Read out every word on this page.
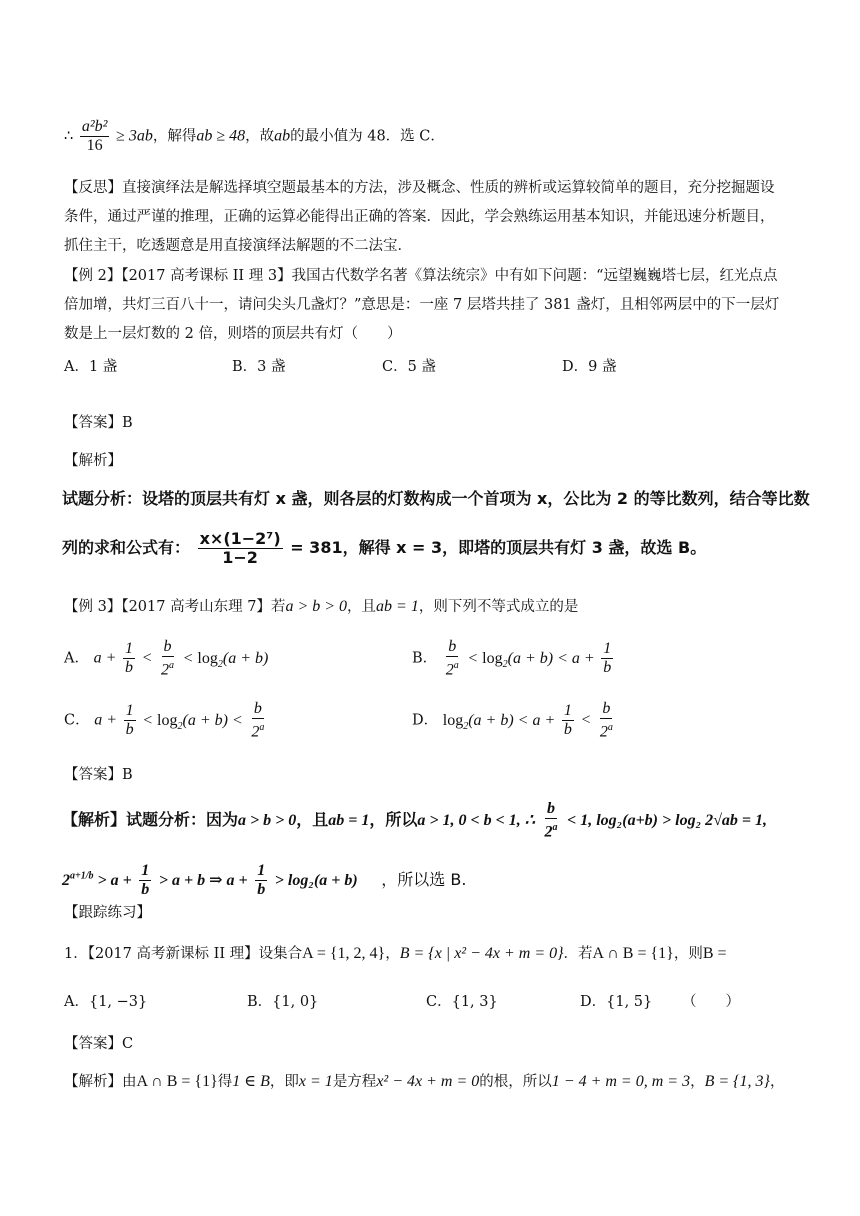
∴ $\frac{\text{a²b²}}{16} \ge 3ab$，解得ab ≥ 48，故ab的最小值为 48．选 C．
【反思】直接演绎法是解选择填空题最基本的方法，涉及概念、性质的辨析或运算较简单的题目，充分挖掘题设
条件，通过严谨的推理，正确的运算必能得出正确的答案．因此，学会熟练运用基本知识，并能迅速分析题目，
抓住主干，吃透题意是用直接演绎法解题的不二法宝．
【例 2】【2017 高考课标 II 理 3】我国古代数学名著《算法统宗》中有如下问题：“远望巍巍塔七层，红光点点
倍加增，共灯三百八十一，请问尖头几盏灯？”意思是：一座 7 层塔共挂了 381 盏灯，且相邻两层中的下一层灯
数是上一层灯数的 2 倍，则塔的顶层共有灯（　　）
A．1 盏	B．3 盏	C．5 盏	D．9 盏
【答案】B
【解析】
试题分析：设塔的顶层共有灯 x 盏，则各层的灯数构成一个首项为 x，公比为 2 的等比数列，结合等比数
列的求和公式有： $\frac{\text{x×(1−2⁷)}}{1-2} = 381$，解得 x = 3，即塔的顶层共有灯 3 盏，故选 B。
【例 3】【2017 高考山东理 7】若a > b > 0，且ab = 1，则下列不等式成立的是
A． $a + \frac{1}{b} < \frac{b}{2^a} < \log_2(a + b)$	B． $\frac{b}{2^a} < \log_2(a + b) < a + \frac{1}{b}$
C． $a + \frac{1}{b} < \log_2(a + b) < \frac{b}{2^a}$	D． $\log_2(a + b) < a + \frac{1}{b} < \frac{b}{2^a}$
【答案】B
【解析】试题分析：因为a > b > 0，且ab = 1，所以a > 1, 0 < b < 1, ∴ $\frac{b}{2^a} < 1$, log₂(a+b) > log₂ 2√ab = 1,
$2^{a+1/b} > a + \frac{1}{b} > a + b$ ⇒ $a + \frac{1}{b} > \log_2(a + b)$ ，所以选 B.
【跟踪练习】
1．【2017 高考新课标 II 理】设集合A = {1, 2, 4}，B = {x | x² − 4x + m = 0}．若A ∩ B = {1}，则B =
A．{1, −3}	B．{1, 0}	C．{1, 3}	D．{1, 5} （　　）
【答案】C
【解析】由A ∩ B = {1}得1 ∈ B，即x = 1是方程x² − 4x + m = 0的根，所以1 − 4 + m = 0, m = 3，B = {1, 3}，
